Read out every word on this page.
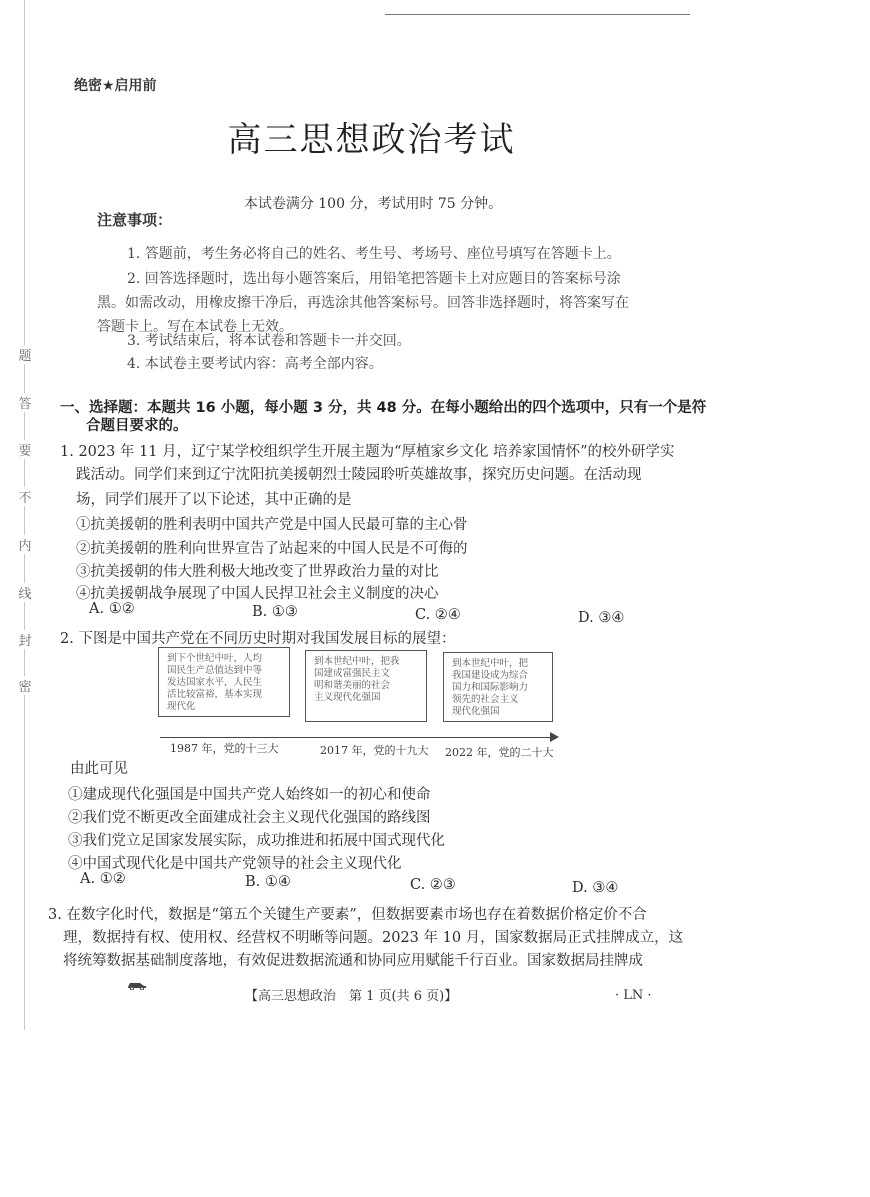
题
答
要
不
内
线
封
密
绝密★启用前
高三思想政治考试
本试卷满分 100 分，考试用时 75 分钟。
注意事项：
1. 答题前，考生务必将自己的姓名、考生号、考场号、座位号填写在答题卡上。
2. 回答选择题时，选出每小题答案后，用铅笔把答题卡上对应题目的答案标号涂
黑。如需改动，用橡皮擦干净后，再选涂其他答案标号。回答非选择题时，将答案写在
答题卡上。写在本试卷上无效。
3. 考试结束后，将本试卷和答题卡一并交回。
4. 本试卷主要考试内容：高考全部内容。
一、选择题：本题共 16 小题，每小题 3 分，共 48 分。在每小题给出的四个选项中，只有一个是符
合题目要求的。
1. 2023 年 11 月，辽宁某学校组织学生开展主题为“厚植家乡文化 培养家国情怀”的校外研学实
践活动。同学们来到辽宁沈阳抗美援朝烈士陵园聆听英雄故事，探究历史问题。在活动现
场，同学们展开了以下论述，其中正确的是
①抗美援朝的胜利表明中国共产党是中国人民最可靠的主心骨
②抗美援朝的胜利向世界宣告了站起来的中国人民是不可侮的
③抗美援朝的伟大胜利极大地改变了世界政治力量的对比
④抗美援朝战争展现了中国人民捍卫社会主义制度的决心
A. ①②	B. ①③	C. ②④	D. ③④
2. 下图是中国共产党在不同历史时期对我国发展目标的展望：
到下个世纪中叶，人均
国民生产总值达到中等
发达国家水平，人民生
活比较富裕，基本实现
现代化
到本世纪中叶，把我
国建成富强民主文
明和谐美丽的社会
主义现代化强国
到本世纪中叶，把
我国建设成为综合
国力和国际影响力
领先的社会主义
现代化强国
1987 年，党的十三大	2017 年，党的十九大 2022 年，党的二十大
由此可见
①建成现代化强国是中国共产党人始终如一的初心和使命
②我们党不断更改全面建成社会主义现代化强国的路线图
③我们党立足国家发展实际，成功推进和拓展中国式现代化
④中国式现代化是中国共产党领导的社会主义现代化
A. ①②	B. ①④	C. ②③	D. ③④
3. 在数字化时代，数据是“第五个关键生产要素”，但数据要素市场也存在着数据价格定价不合
理，数据持有权、使用权、经营权不明晰等问题。2023 年 10 月，国家数据局正式挂牌成立，这
将统筹数据基础制度落地，有效促进数据流通和协同应用赋能千行百业。国家数据局挂牌成
【高三思想政治　第 1 页(共 6 页)】	· LN ·
